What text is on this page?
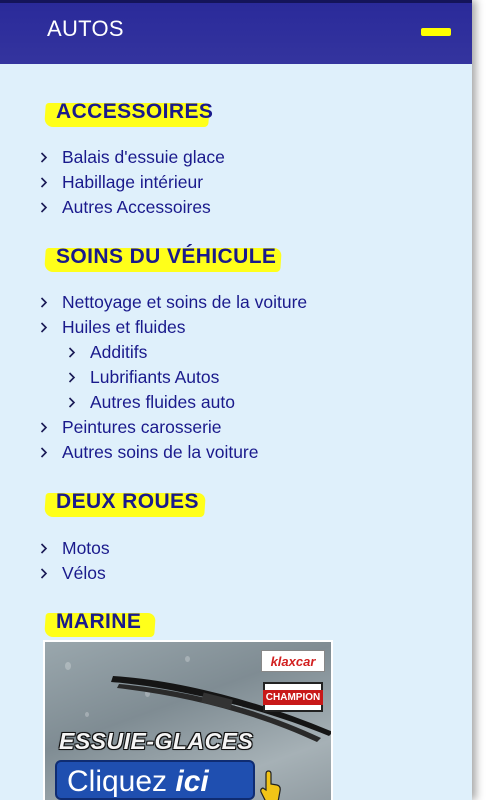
AUTOS
ACCESSOIRES
Balais d'essuie glace
Habillage intérieur
Autres Accessoires
SOINS DU VÉHICULE
Nettoyage et soins de la voiture
Huiles et fluides
Additifs
Lubrifiants Autos
Autres fluides auto
Peintures carosserie
Autres soins de la voiture
DEUX ROUES
Motos
Vélos
MARINE
klaxcar
CHAMPION
ESSUIE-GLACES
Cliquez ici
